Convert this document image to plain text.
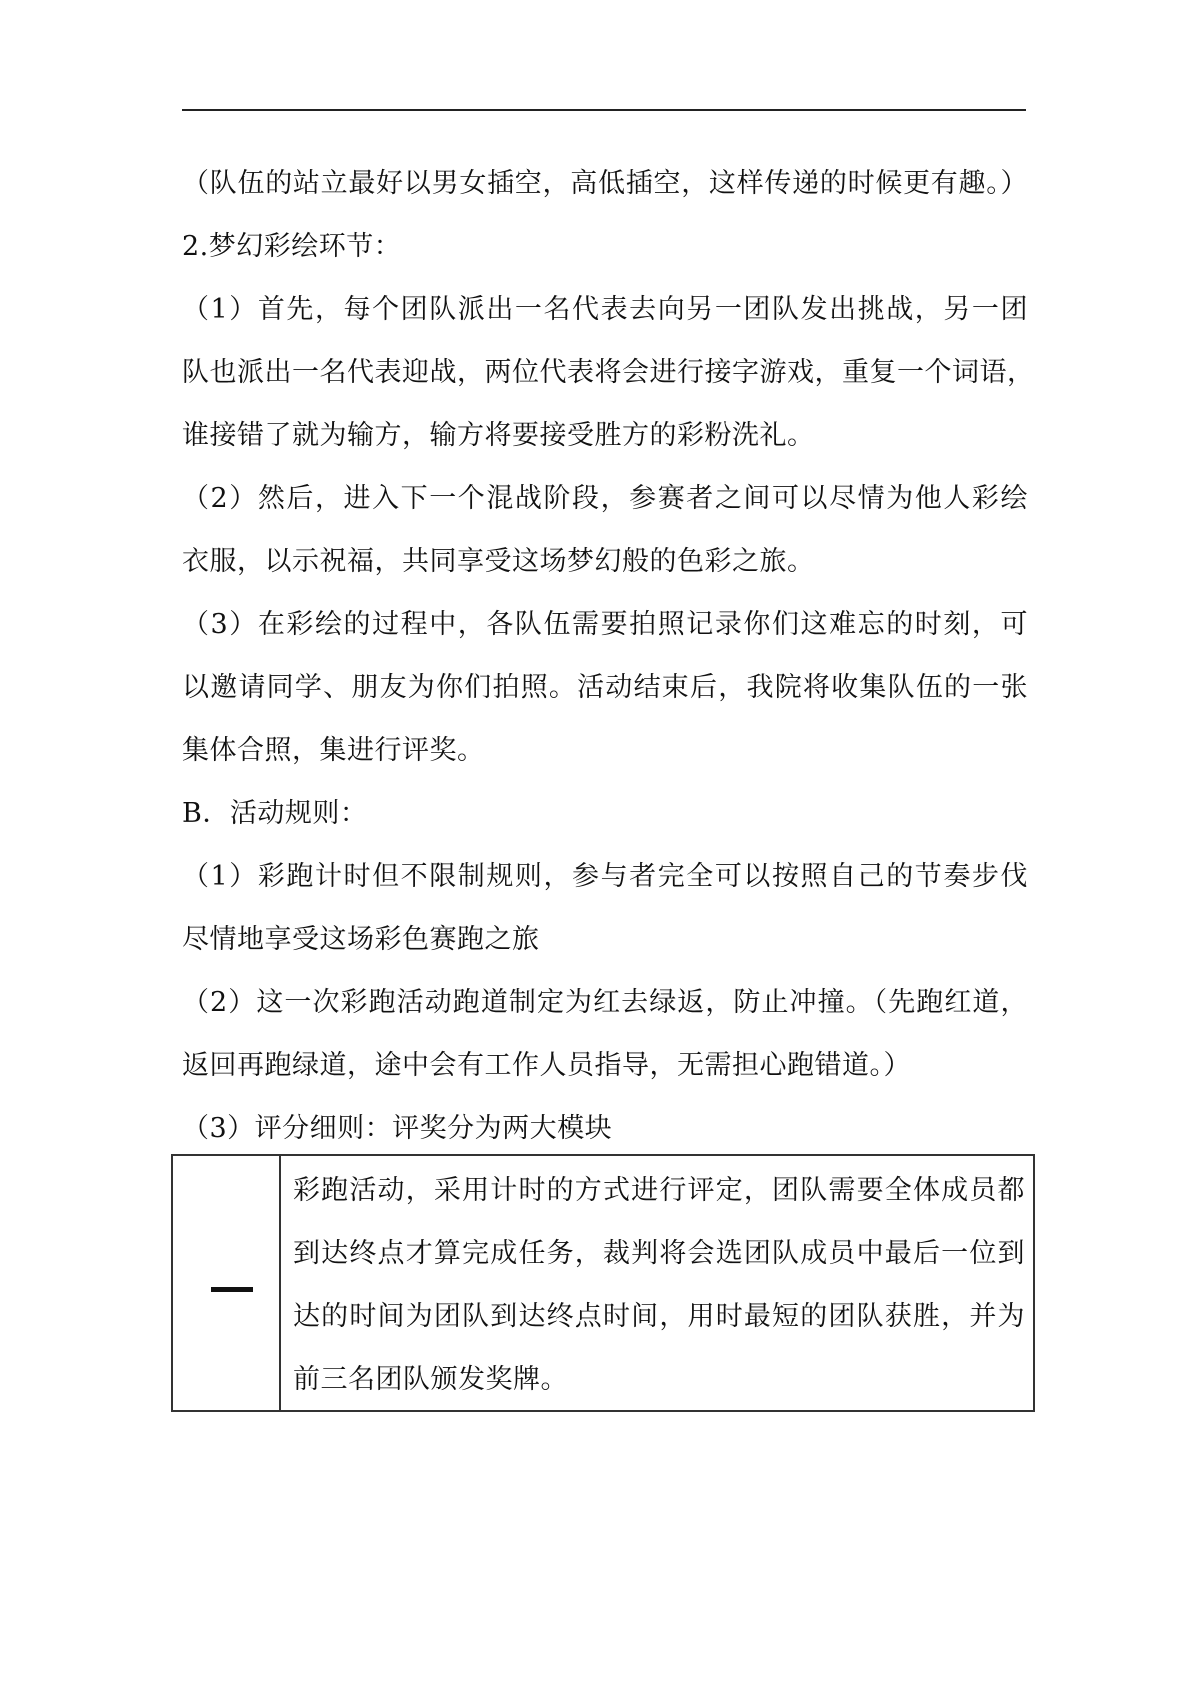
（队伍的站立最好以男女插空，高低插空，这样传递的时候更有趣。）
2.梦幻彩绘环节：
（1）首先，每个团队派出一名代表去向另一团队发出挑战，另一团
队也派出一名代表迎战，两位代表将会进行接字游戏，重复一个词语，
谁接错了就为输方，输方将要接受胜方的彩粉洗礼。
（2）然后，进入下一个混战阶段，参赛者之间可以尽情为他人彩绘
衣服，以示祝福，共同享受这场梦幻般的色彩之旅。
（3）在彩绘的过程中，各队伍需要拍照记录你们这难忘的时刻，可
以邀请同学、朋友为你们拍照。活动结束后，我院将收集队伍的一张
集体合照，集进行评奖。
B．活动规则：
（1）彩跑计时但不限制规则，参与者完全可以按照自己的节奏步伐
尽情地享受这场彩色赛跑之旅
（2）这一次彩跑活动跑道制定为红去绿返，防止冲撞。（先跑红道，
返回再跑绿道，途中会有工作人员指导，无需担心跑错道。）
（3）评分细则：评奖分为两大模块
彩跑活动，采用计时的方式进行评定，团队需要全体成员都
到达终点才算完成任务，裁判将会选团队成员中最后一位到
达的时间为团队到达终点时间，用时最短的团队获胜，并为
前三名团队颁发奖牌。
